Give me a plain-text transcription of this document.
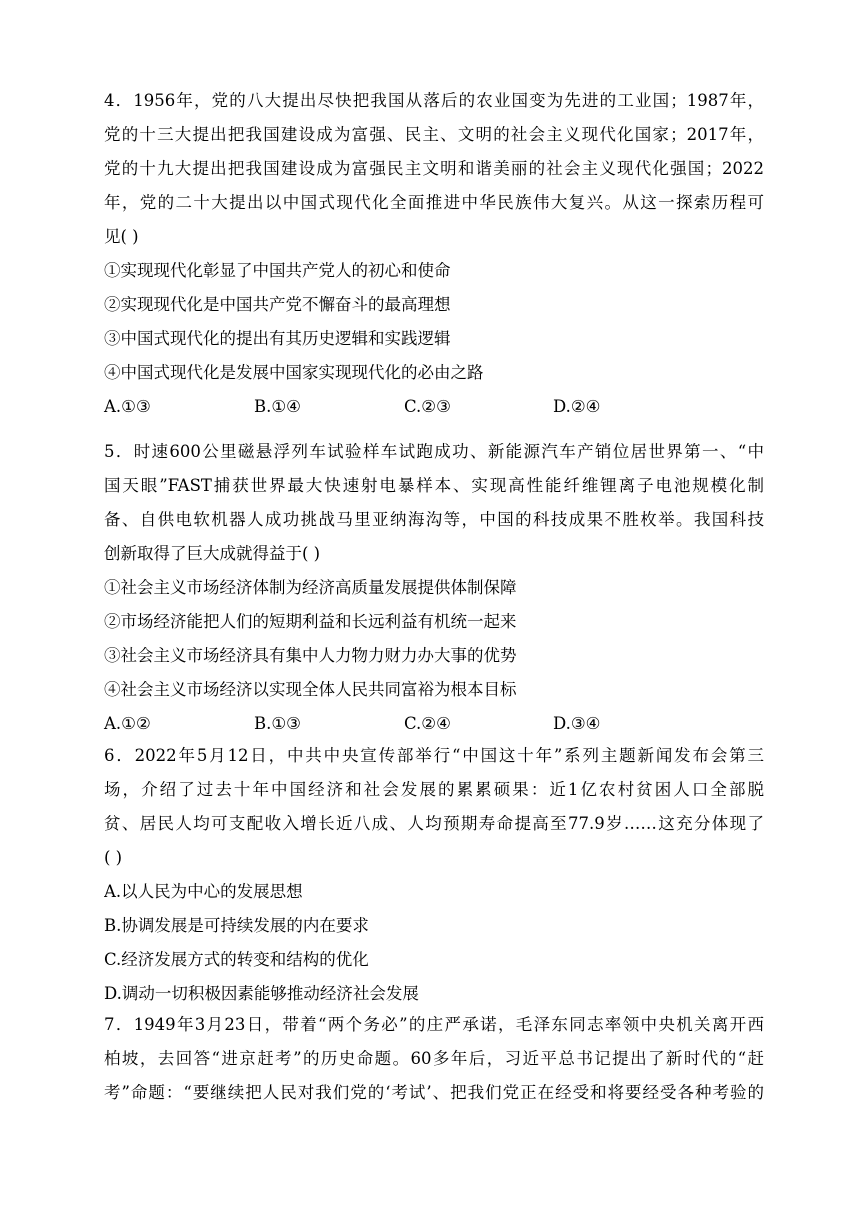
4．1956年，党的八大提出尽快把我国从落后的农业国变为先进的工业国；1987年，
党的十三大提出把我国建设成为富强、民主、文明的社会主义现代化国家；2017年，
党的十九大提出把我国建设成为富强民主文明和谐美丽的社会主义现代化强国；2022
年，党的二十大提出以中国式现代化全面推进中华民族伟大复兴。从这一探索历程可
见( )
①实现现代化彰显了中国共产党人的初心和使命
②实现现代化是中国共产党不懈奋斗的最高理想
③中国式现代化的提出有其历史逻辑和实践逻辑
④中国式现代化是发展中国家实现现代化的必由之路
A.①③	B.①④	C.②③	D.②④
5．时速600公里磁悬浮列车试验样车试跑成功、新能源汽车产销位居世界第一、“中
国天眼”FAST捕获世界最大快速射电暴样本、实现高性能纤维锂离子电池规模化制
备、自供电软机器人成功挑战马里亚纳海沟等，中国的科技成果不胜枚举。我国科技
创新取得了巨大成就得益于( )
①社会主义市场经济体制为经济高质量发展提供体制保障
②市场经济能把人们的短期利益和长远利益有机统一起来
③社会主义市场经济具有集中人力物力财力办大事的优势
④社会主义市场经济以实现全体人民共同富裕为根本目标
A.①②	B.①③	C.②④	D.③④
6．2022年5月12日，中共中央宣传部举行“中国这十年”系列主题新闻发布会第三
场，介绍了过去十年中国经济和社会发展的累累硕果：近1亿农村贫困人口全部脱
贫、居民人均可支配收入增长近八成、人均预期寿命提高至77.9岁……这充分体现了
( )
A.以人民为中心的发展思想
B.协调发展是可持续发展的内在要求
C.经济发展方式的转变和结构的优化
D.调动一切积极因素能够推动经济社会发展
7．1949年3月23日，带着“两个务必”的庄严承诺，毛泽东同志率领中央机关离开西
柏坡，去回答“进京赶考”的历史命题。60多年后，习近平总书记提出了新时代的“赶
考”命题：“要继续把人民对我们党的‘考试’、把我们党正在经受和将要经受各种考验的
